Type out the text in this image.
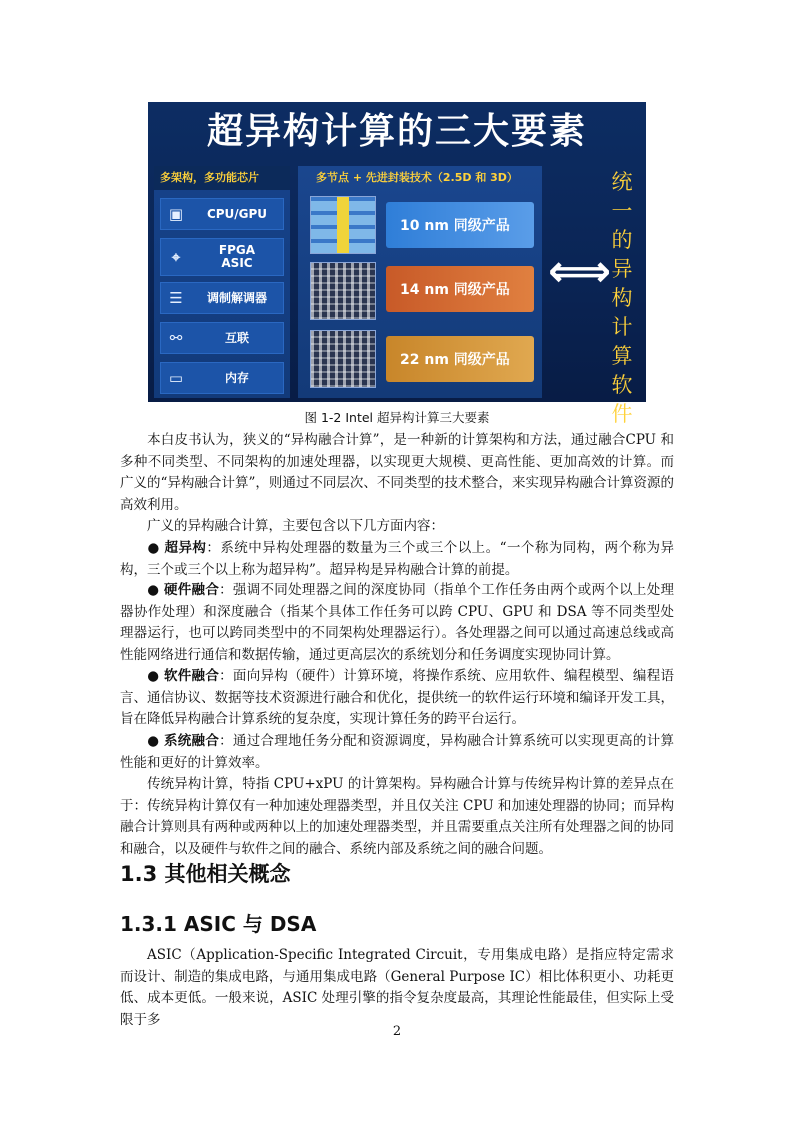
超异构计算的三大要素
多架构，多功能芯片
▣	CPU/GPU
⌖	FPGA
ASIC
☰	调制解调器
⚯	互联
▭	内存
多节点 + 先进封装技术（2.5D 和 3D）
10 nm 同级产品
14 nm 同级产品
22 nm 同级产品
⟺
统一的异构计算软件
图 1-2 Intel 超异构计算三大要素

本白皮书认为，狭义的“异构融合计算”，是一种新的计算架构和方法，通过融合CPU 和多种不同类型、不同架构的加速处理器，以实现更大规模、更高性能、更加高效的计算。而 广义的“异构融合计算”，则通过不同层次、不同类型的技术整合，来实现异构融合计算资源的高效利用。

广义的异构融合计算，主要包含以下几方面内容：

● 超异构：系统中异构处理器的数量为三个或三个以上。“一个称为同构，两个称为异构，三个或三个以上称为超异构”。超异构是异构融合计算的前提。

● 硬件融合：强调不同处理器之间的深度协同（指单个工作任务由两个或两个以上处理器协作处理）和深度融合（指某个具体工作任务可以跨 CPU、GPU 和 DSA 等不同类型处理器运行，也可以跨同类型中的不同架构处理器运行）。各处理器之间可以通过高速总线或高性能网络进行通信和数据传输，通过更高层次的系统划分和任务调度实现协同计算。

● 软件融合：面向异构（硬件）计算环境，将操作系统、应用软件、编程模型、编程语言、通信协议、数据等技术资源进行融合和优化，提供统一的软件运行环境和编译开发工具，旨在降低异构融合计算系统的复杂度，实现计算任务的跨平台运行。

● 系统融合：通过合理地任务分配和资源调度，异构融合计算系统可以实现更高的计算性能和更好的计算效率。

传统异构计算，特指 CPU+xPU 的计算架构。异构融合计算与传统异构计算的差异点在于：传统异构计算仅有一种加速处理器类型，并且仅关注 CPU 和加速处理器的协同；而异构融合计算则具有两种或两种以上的加速处理器类型，并且需要重点关注所有处理器之间的协同和融合，以及硬件与软件之间的融合、系统内部及系统之间的融合问题。

1.3 其他相关概念
1.3.1 ASIC 与 DSA

ASIC（Application-Specific Integrated Circuit，专用集成电路）是指应特定需求而设计、制造的集成电路，与通用集成电路（General Purpose IC）相比体积更小、功耗更低、成本更低。一般来说，ASIC 处理引擎的指令复杂度最高，其理论性能最佳，但实际上受限于多

2
